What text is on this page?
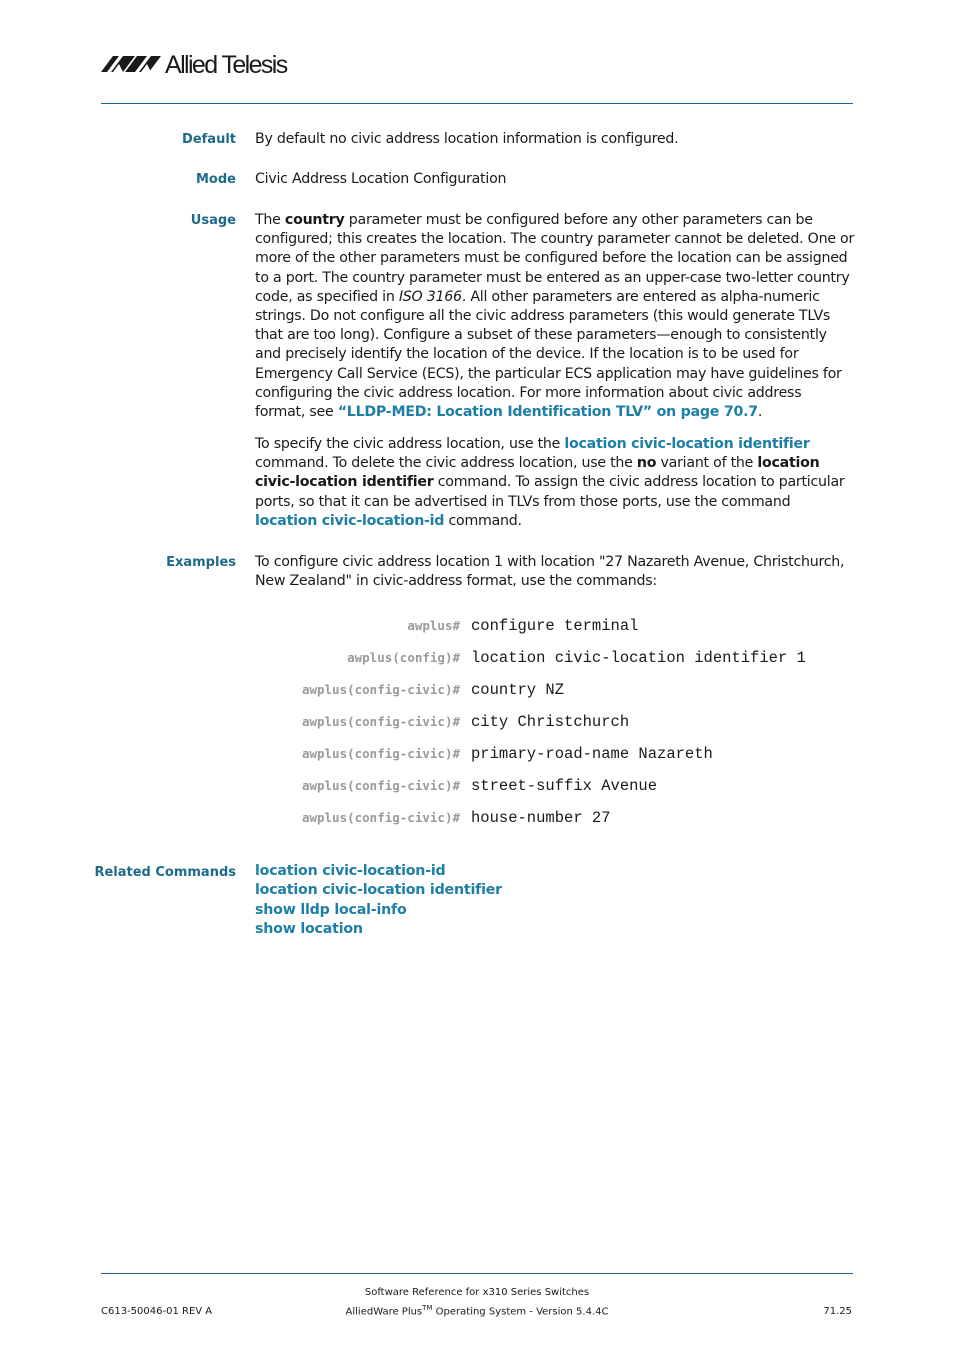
Allied Telesis
Default By default no civic address location information is configured.
Mode Civic Address Location Configuration
Usage The country parameter must be configured before any other parameters can be configured; this creates the location. The country parameter cannot be deleted. One or more of the other parameters must be configured before the location can be assigned to a port. The country parameter must be entered as an upper-case two-letter country code, as specified in ISO 3166. All other parameters are entered as alpha-numeric strings. Do not configure all the civic address parameters (this would generate TLVs that are too long). Configure a subset of these parameters—enough to consistently and precisely identify the location of the device. If the location is to be used for Emergency Call Service (ECS), the particular ECS application may have guidelines for configuring the civic address location. For more information about civic address format, see “LLDP-MED: Location Identification TLV” on page 70.7.
To specify the civic address location, use the location civic-location identifier command. To delete the civic address location, use the no variant of the location civic-location identifier command. To assign the civic address location to particular ports, so that it can be advertised in TLVs from those ports, use the command location civic-location-id command.
Examples To configure civic address location 1 with location "27 Nazareth Avenue, Christchurch, New Zealand" in civic-address format, use the commands:
awplus# configure terminal
awplus(config)# location civic-location identifier 1
awplus(config-civic)# country NZ
awplus(config-civic)# city Christchurch
awplus(config-civic)# primary-road-name Nazareth
awplus(config-civic)# street-suffix Avenue
awplus(config-civic)# house-number 27
Related Commands location civic-location-id
location civic-location identifier
show lldp local-info
show location
Software Reference for x310 Series Switches
AlliedWare Plus™ Operating System - Version 5.4.4C
C613-50046-01 REV A	71.25
